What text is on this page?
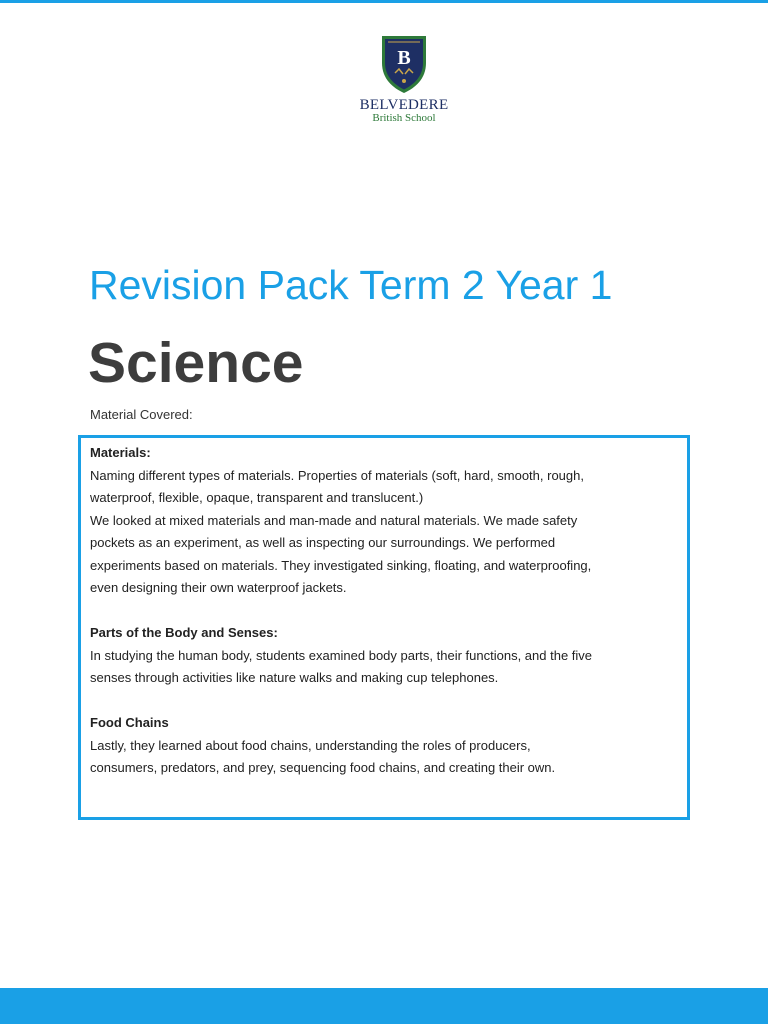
B
BELVEDERE
British School
Revision Pack Term 2 Year 1
Science

Material Covered:

Materials:

Naming different types of materials. Properties of materials (soft, hard, smooth, rough,

waterproof, flexible, opaque, transparent and translucent.)

We looked at mixed materials and man-made and natural materials. We made safety

pockets as an experiment, as well as inspecting our surroundings. We performed

experiments based on materials. They investigated sinking, floating, and waterproofing,

even designing their own waterproof jackets.

Parts of the Body and Senses:

In studying the human body, students examined body parts, their functions, and the five

senses through activities like nature walks and making cup telephones.

Food Chains

Lastly, they learned about food chains, understanding the roles of producers,

consumers, predators, and prey, sequencing food chains, and creating their own.
